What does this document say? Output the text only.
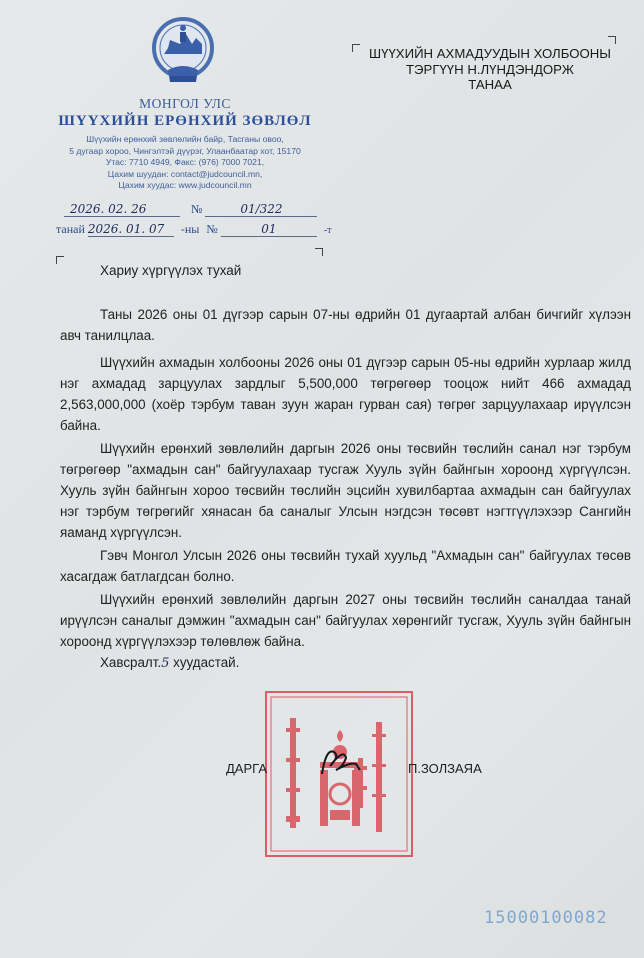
МОНГОЛ УЛС
ШҮҮХИЙН ЕРӨНХИЙ ЗӨВЛӨЛ
Шүүхийн ерөнхий зөвлөлийн байр, Тасганы овоо,
5 дугаар хороо, Чингэлтэй дүүрэг, Улаанбаатар хот, 15170
Утас: 7710 4949, Факс: (976) 7000 7021,
Цахим шуудан: contact@judcouncil.mn,
Цахим хуудас: www.judcouncil.mn
2026. 02. 26	№	01/322
танай 2026. 01. 07 -ны №	01	-т
ШҮҮХИЙН АХМАДУУДЫН ХОЛБООНЫ
ТЭРГҮҮН Н.ЛҮНДЭНДОРЖ
ТАНАА
Хариу хүргүүлэх тухай
Таны 2026 оны 01 дүгээр сарын 07-ны өдрийн 01 дугаартай албан бичгийг хүлээн авч танилцлаа.
Шүүхийн ахмадын холбооны 2026 оны 01 дүгээр сарын 05-ны өдрийн хурлаар жилд нэг ахмадад зарцуулах зардлыг 5,500,000 төгрөгөөр тооцож нийт 466 ахмадад 2,563,000,000 (хоёр тэрбум таван зуун жаран гурван сая) төгрөг зарцуулахаар ирүүлсэн байна.
Шүүхийн ерөнхий зөвлөлийн даргын 2026 оны төсвийн төслийн санал нэг тэрбум төгрөгөөр "ахмадын сан" байгуулахаар тусгаж Хууль зүйн байнгын хороонд хүргүүлсэн. Хууль зүйн байнгын хороо төсвийн төслийн эцсийн хувилбартаа ахмадын сан байгуулах нэг тэрбум төгрөгийг хянасан ба саналыг Улсын нэгдсэн төсөвт нэгтгүүлэхээр Сангийн яаманд хүргүүлсэн.
Гэвч Монгол Улсын 2026 оны төсвийн тухай хуульд "Ахмадын сан" байгуулах төсөв хасагдаж батлагдсан болно.
Шүүхийн ерөнхий зөвлөлийн даргын 2027 оны төсвийн төслийн саналдаа танай ирүүлсэн саналыг дэмжин "ахмадын сан" байгуулах хөрөнгийг тусгаж, Хууль зүйн байнгын хороонд хүргүүлэхээр төлөвлөж байна.
Хавсралт.5 хуудастай.
ДАРГА	П.ЗОЛЗАЯА
15000100082
